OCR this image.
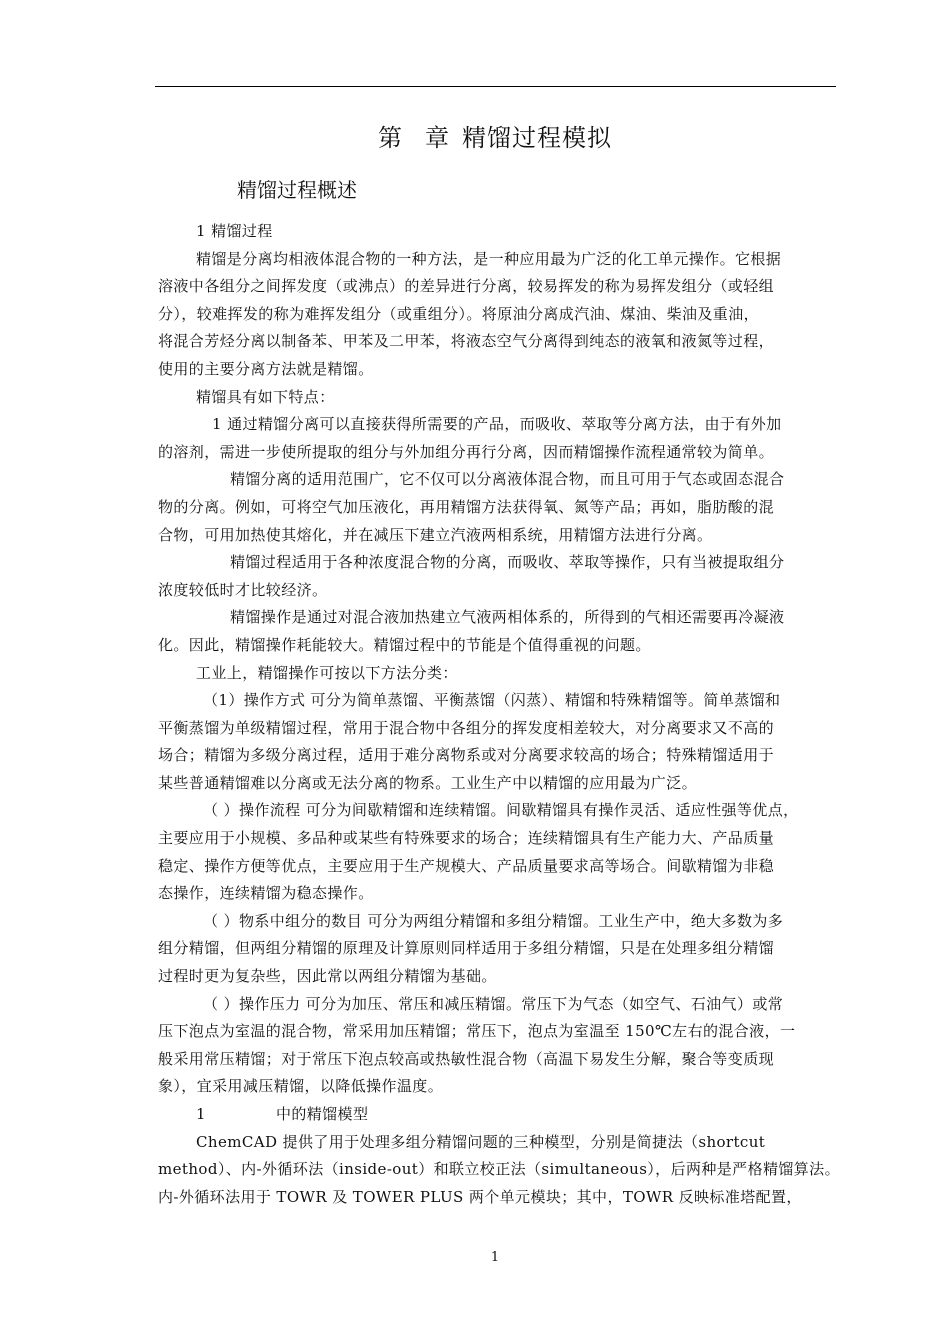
第 章 精馏过程模拟
精馏过程概述
1 精馏过程
精馏是分离均相液体混合物的一种方法，是一种应用最为广泛的化工单元操作。它根据
溶液中各组分之间挥发度（或沸点）的差异进行分离，较易挥发的称为易挥发组分（或轻组
分），较难挥发的称为难挥发组分（或重组分）。将原油分离成汽油、煤油、柴油及重油，
将混合芳烃分离以制备苯、甲苯及二甲苯，将液态空气分离得到纯态的液氧和液氮等过程，
使用的主要分离方法就是精馏。
精馏具有如下特点：
1 通过精馏分离可以直接获得所需要的产品，而吸收、萃取等分离方法，由于有外加
的溶剂，需进一步使所提取的组分与外加组分再行分离，因而精馏操作流程通常较为简单。
精馏分离的适用范围广，它不仅可以分离液体混合物，而且可用于气态或固态混合
物的分离。例如，可将空气加压液化，再用精馏方法获得氧、氮等产品；再如，脂肪酸的混
合物，可用加热使其熔化，并在减压下建立汽液两相系统，用精馏方法进行分离。
精馏过程适用于各种浓度混合物的分离，而吸收、萃取等操作，只有当被提取组分
浓度较低时才比较经济。
精馏操作是通过对混合液加热建立气液两相体系的，所得到的气相还需要再冷凝液
化。因此，精馏操作耗能较大。精馏过程中的节能是个值得重视的问题。
工业上，精馏操作可按以下方法分类：
（1）操作方式 可分为简单蒸馏、平衡蒸馏（闪蒸）、精馏和特殊精馏等。简单蒸馏和
平衡蒸馏为单级精馏过程，常用于混合物中各组分的挥发度相差较大，对分离要求又不高的
场合；精馏为多级分离过程，适用于难分离物系或对分离要求较高的场合；特殊精馏适用于
某些普通精馏难以分离或无法分离的物系。工业生产中以精馏的应用最为广泛。
（ ）操作流程 可分为间歇精馏和连续精馏。间歇精馏具有操作灵活、适应性强等优点，
主要应用于小规模、多品种或某些有特殊要求的场合；连续精馏具有生产能力大、产品质量
稳定、操作方便等优点，主要应用于生产规模大、产品质量要求高等场合。间歇精馏为非稳
态操作，连续精馏为稳态操作。
（ ）物系中组分的数目 可分为两组分精馏和多组分精馏。工业生产中，绝大多数为多
组分精馏，但两组分精馏的原理及计算原则同样适用于多组分精馏，只是在处理多组分精馏
过程时更为复杂些，因此常以两组分精馏为基础。
（ ）操作压力 可分为加压、常压和减压精馏。常压下为气态（如空气、石油气）或常
压下泡点为室温的混合物，常采用加压精馏；常压下，泡点为室温至 150℃左右的混合液，一
般采用常压精馏；对于常压下泡点较高或热敏性混合物（高温下易发生分解，聚合等变质现
象），宜采用减压精馏，以降低操作温度。
1	中的精馏模型
ChemCAD 提供了用于处理多组分精馏问题的三种模型，分别是简捷法（shortcut
method）、内-外循环法（inside-out）和联立校正法（simultaneous），后两种是严格精馏算法。
内-外循环法用于 TOWR 及 TOWER PLUS 两个单元模块；其中，TOWR 反映标准塔配置，
1
